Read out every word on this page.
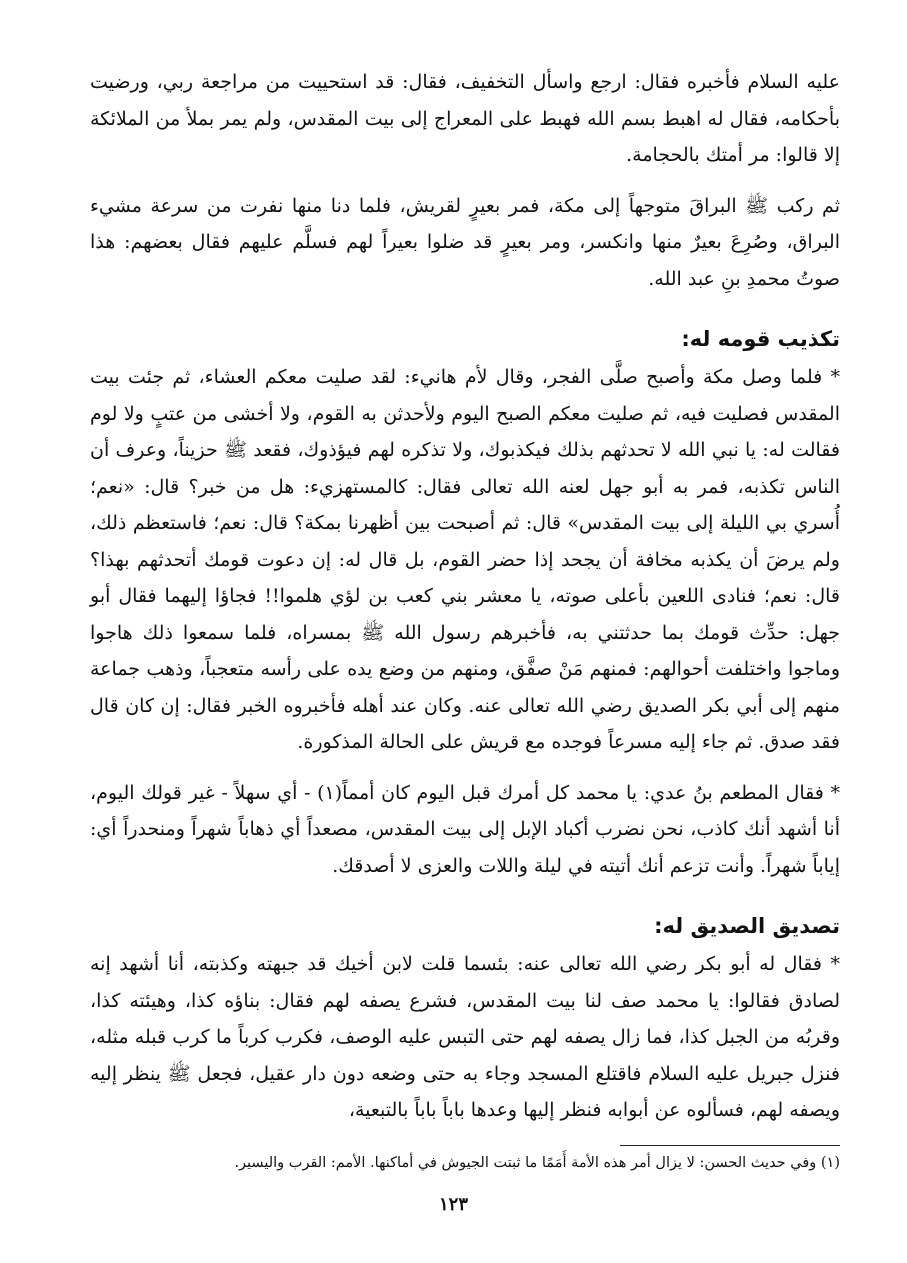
عليه السلام فأخبره فقال: ارجع واسأل التخفيف، فقال: قد استحييت من مراجعة ربي، ورضيت بأحكامه، فقال له اهبط بسم الله فهبط على المعراج إلى بيت المقدس، ولم يمر بملأ من الملائكة إلا قالوا: مر أمتك بالحجامة.

ثم ركب ﷺ البراقَ متوجهاً إلى مكة، فمر بعيرٍ لقريش، فلما دنا منها نفرت من سرعة مشيء البراق، وصُرِعَ بعيرٌ منها وانكسر، ومر بعيرٍ قد ضلوا بعيراً لهم فسلَّم عليهم فقال بعضهم: هذا صوتُ محمدِ بنِ عبد الله.

تكذيب قومه له:

* فلما وصل مكة وأصبح صلَّى الفجر، وقال لأم هانيء: لقد صليت معكم العشاء، ثم جئت بيت المقدس فصليت فيه، ثم صليت معكم الصبح اليوم ولأحدثن به القوم، ولا أخشى من عتبٍ ولا لوم فقالت له: يا نبي الله لا تحدثهم بذلك فيكذبوك، ولا تذكره لهم فيؤذوك، فقعد ﷺ حزيناً، وعرف أن الناس تكذبه، فمر به أبو جهل لعنه الله تعالى فقال: كالمستهزيء: هل من خبر؟ قال: «نعم؛ أُسري بي الليلة إلى بيت المقدس» قال: ثم أصبحت بين أظهرنا بمكة؟ قال: نعم؛ فاستعظم ذلك، ولم يرضَ أن يكذبه مخافة أن يجحد إذا حضر القوم، بل قال له: إن دعوت قومك أتحدثهم بهذا؟ قال: نعم؛ فنادى اللعين بأعلى صوته، يا معشر بني كعب بن لؤي هلموا!! فجاؤا إليهما فقال أبو جهل: حدِّث قومك بما حدثتني به، فأخبرهم رسول الله ﷺ بمسراه، فلما سمعوا ذلك هاجوا وماجوا واختلفت أحوالهم: فمنهم مَنْ صفَّق، ومنهم من وضع يده على رأسه متعجباً، وذهب جماعة منهم إلى أبي بكر الصديق رضي الله تعالى عنه. وكان عند أهله فأخبروه الخبر فقال: إن كان قال فقد صدق. ثم جاء إليه مسرعاً فوجده مع قريش على الحالة المذكورة.

* فقال المطعم بنُ عدي: يا محمد كل أمرك قبل اليوم كان أمماً(١) - أي سهلاً - غير قولك اليوم، أنا أشهد أنك كاذب، نحن نضرب أكباد الإبل إلى بيت المقدس، مصعداً أي ذهاباً شهراً ومنحدراً أي: إياباً شهراً. وأنت تزعم أنك أتيته في ليلة واللات والعزى لا أصدقك.

تصديق الصديق له:

* فقال له أبو بكر رضي الله تعالى عنه: بئسما قلت لابن أخيك قد جبهته وكذبته، أنا أشهد إنه لصادق فقالوا: يا محمد صف لنا بيت المقدس، فشرع يصفه لهم فقال: بناؤه كذا، وهيئته كذا، وقربُه من الجبل كذا، فما زال يصفه لهم حتى التبس عليه الوصف، فكرب كرباً ما كرب قبله مثله، فنزل جبريل عليه السلام فاقتلع المسجد وجاء به حتى وضعه دون دار عقيل، فجعل ﷺ ينظر إليه ويصفه لهم، فسألوه عن أبوابه فنظر إليها وعدها باباً باباً بالتبعية،

(١) وفي حديث الحسن: لا يزال أمر هذه الأمة أَمَمًا ما ثبتت الجيوش في أماكنها. الأمم: القرب واليسير.
١٢٣
